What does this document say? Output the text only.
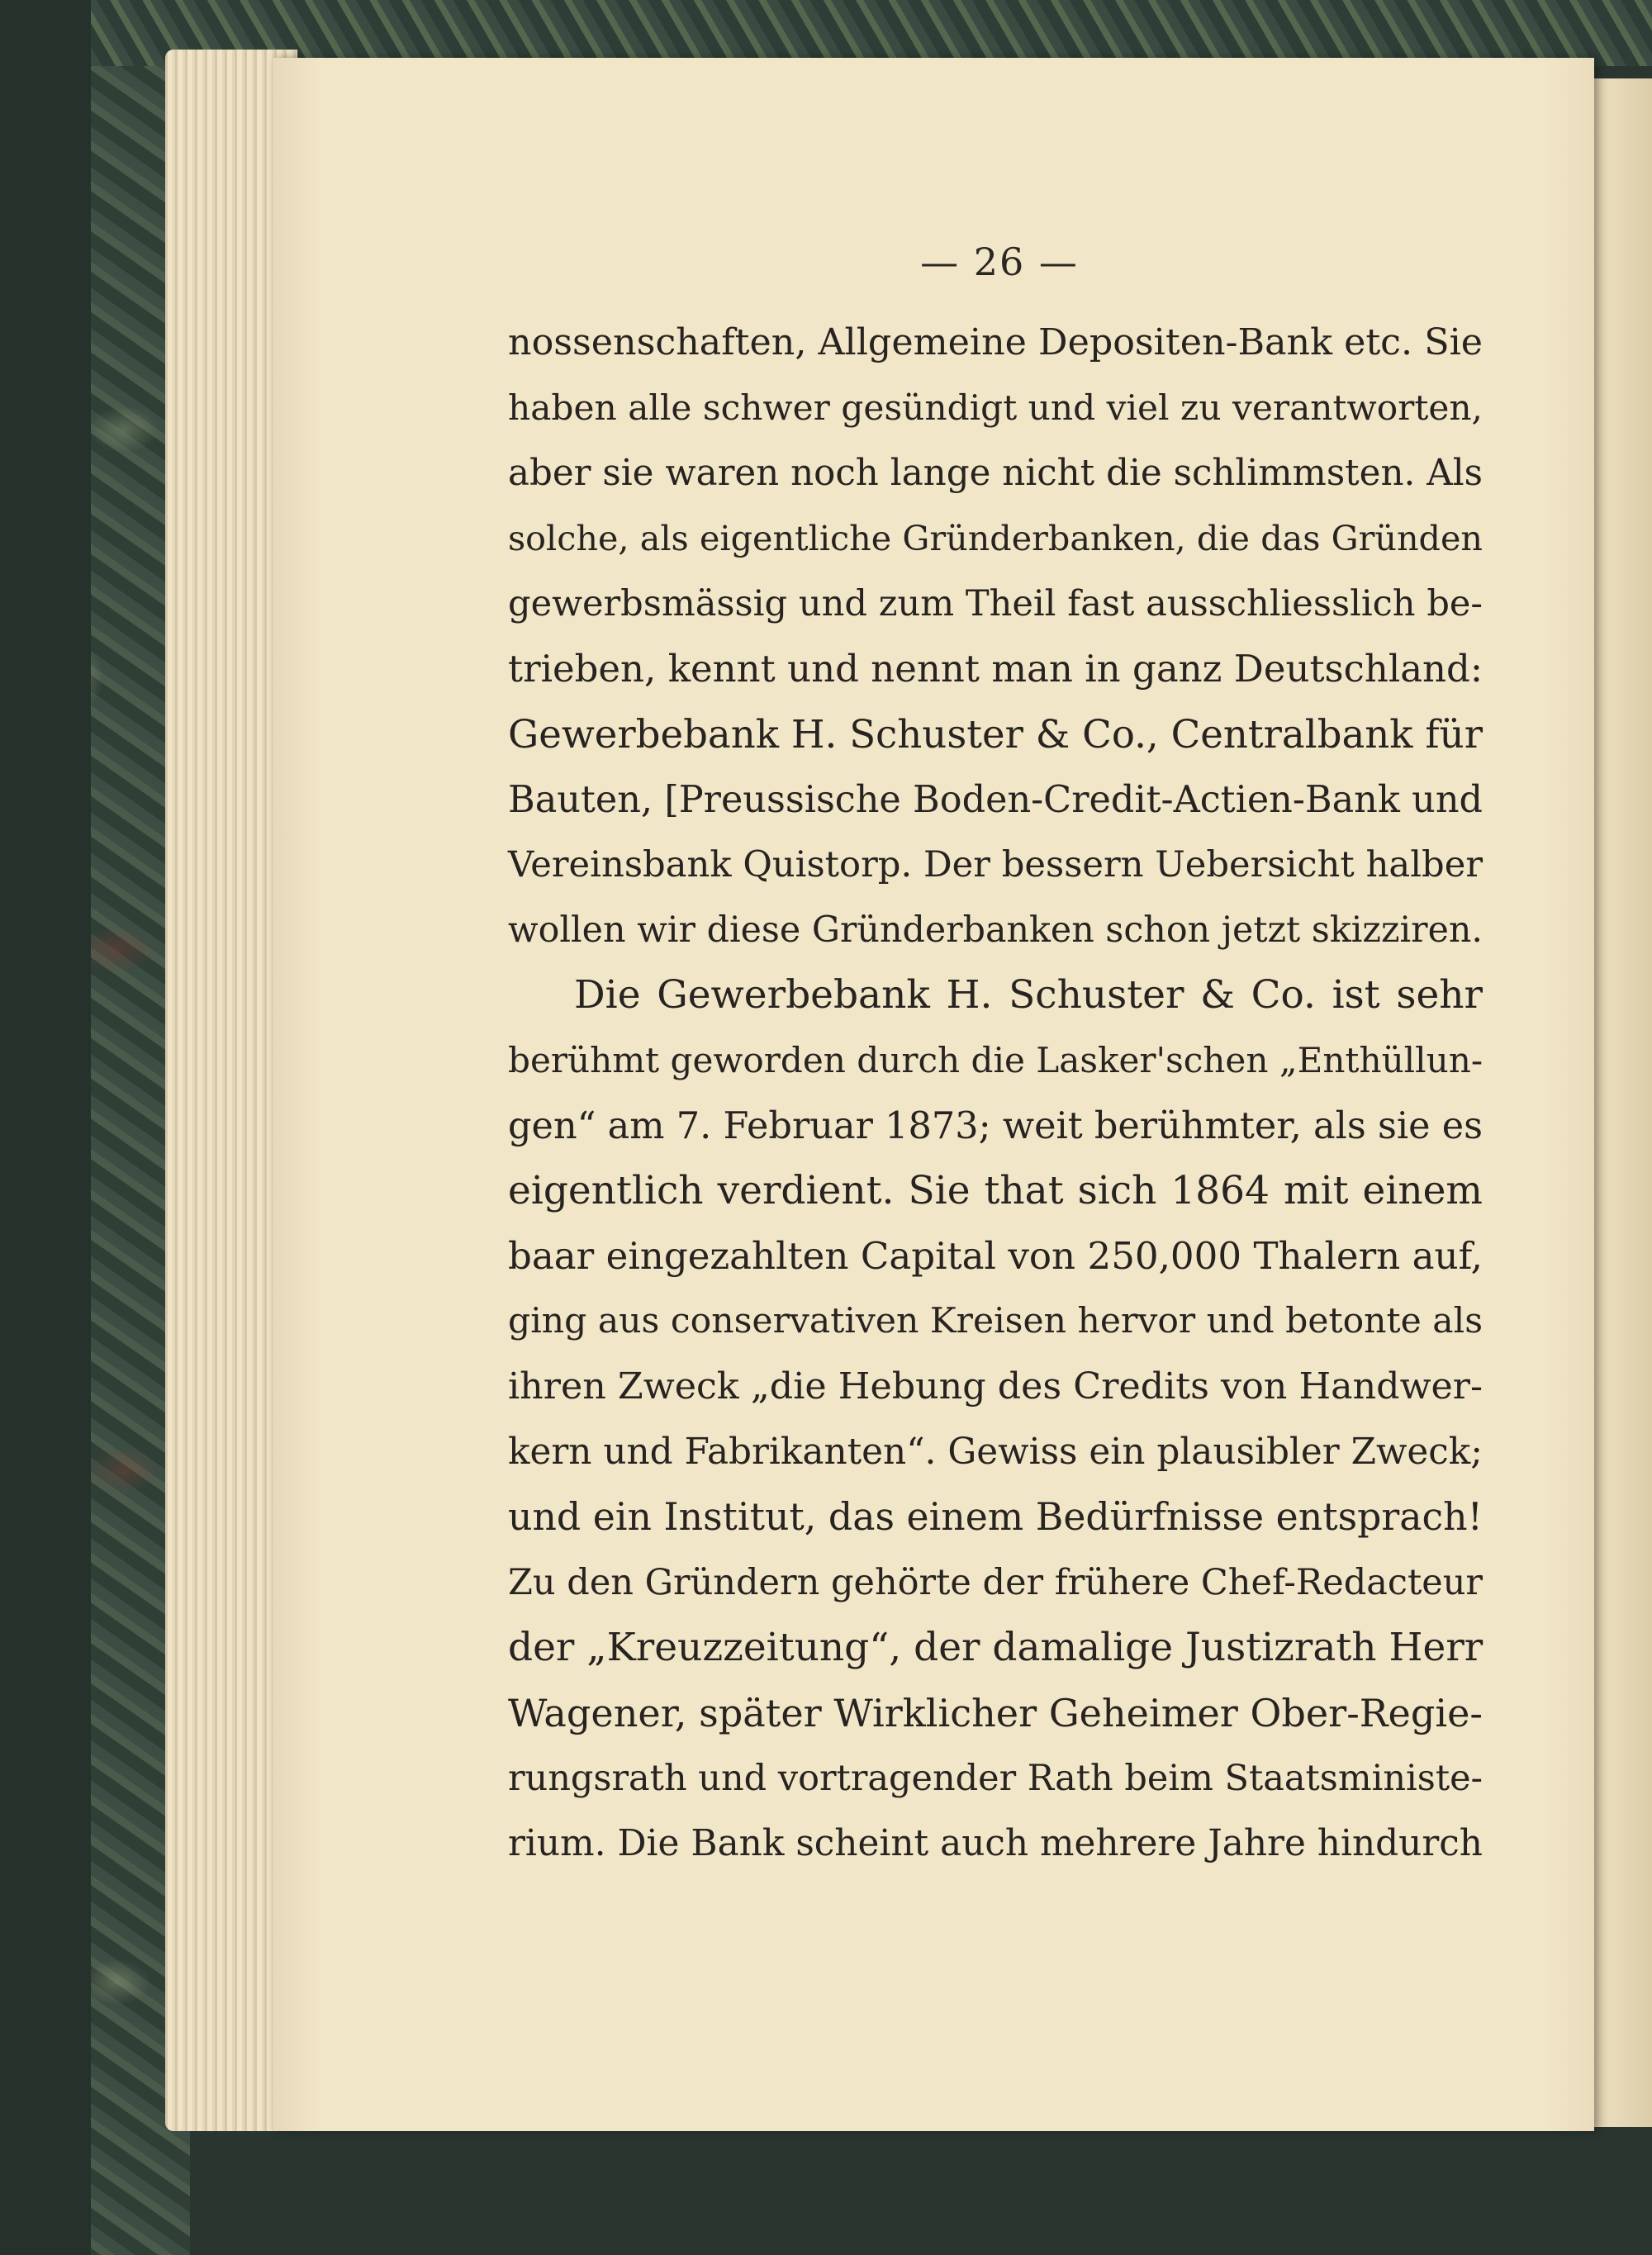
— 26 —
nossenschaften, Allgemeine Depositen-Bank etc. Sie
haben alle schwer gesündigt und viel zu verantworten,
aber sie waren noch lange nicht die schlimmsten. Als
solche, als eigentliche Gründerbanken, die das Gründen
gewerbsmässig und zum Theil fast ausschliesslich be-
trieben, kennt und nennt man in ganz Deutschland:
Gewerbebank H. Schuster & Co., Centralbank für
Bauten, [Preussische Boden-Credit-Actien-Bank und
Vereinsbank Quistorp. Der bessern Uebersicht halber
wollen wir diese Gründerbanken schon jetzt skizziren.
Die Gewerbebank H. Schuster & Co. ist sehr
berühmt geworden durch die Lasker'schen „Enthüllun-
gen“ am 7. Februar 1873; weit berühmter, als sie es
eigentlich verdient. Sie that sich 1864 mit einem
baar eingezahlten Capital von 250,000 Thalern auf,
ging aus conservativen Kreisen hervor und betonte als
ihren Zweck „die Hebung des Credits von Handwer-
kern und Fabrikanten“. Gewiss ein plausibler Zweck;
und ein Institut, das einem Bedürfnisse entsprach!
Zu den Gründern gehörte der frühere Chef-Redacteur
der „Kreuzzeitung“, der damalige Justizrath Herr
Wagener, später Wirklicher Geheimer Ober-Regie-
rungsrath und vortragender Rath beim Staatsministe-
rium. Die Bank scheint auch mehrere Jahre hindurch
